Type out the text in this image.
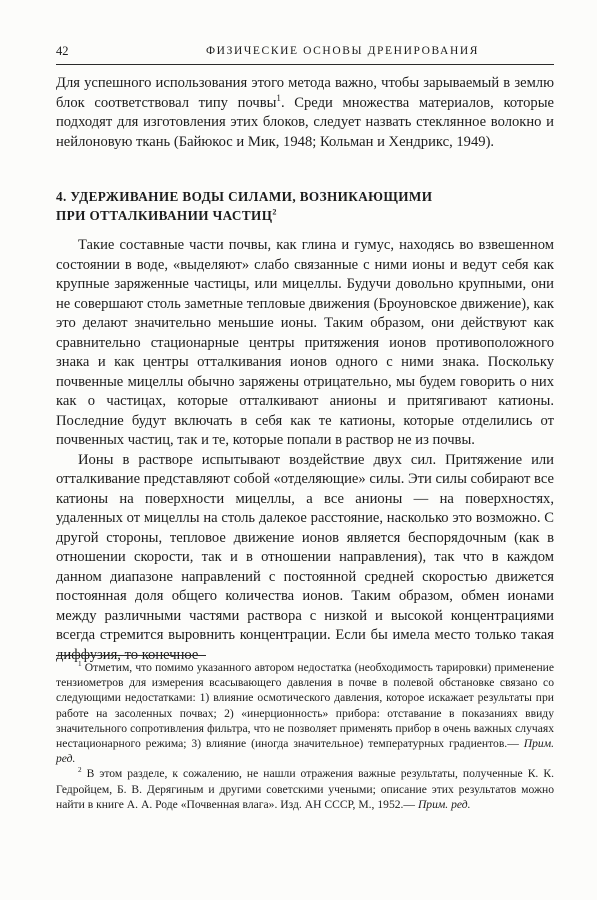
42	ФИЗИЧЕСКИЕ ОСНОВЫ ДРЕНИРОВАНИЯ

Для успешного использования этого метода важно, чтобы зарываемый в землю блок соответствовал типу почвы$^1$. Среди множества материалов, которые подходят для изготовления этих блоков, следует назвать стеклянное волокно и нейлоновую ткань (Байюкос и Мик, 1948; Кольман и Хендрикс, 1949).

4. УДЕРЖИВАНИЕ ВОДЫ СИЛАМИ, ВОЗНИКАЮЩИМИ
ПРИ ОТТАЛКИВАНИИ ЧАСТИЦ$^2$

Такие составные части почвы, как глина и гумус, находясь во взвешенном состоянии в воде, «выделяют» слабо связанные с ними ионы и ведут себя как крупные заряженные частицы, или мицеллы. Будучи довольно крупными, они не совершают столь заметные тепловые движения (Броуновское движение), как это делают значительно меньшие ионы. Таким образом, они действуют как сравнительно стационарные центры притяжения ионов противоположного знака и как центры отталкивания ионов одного с ними знака. Поскольку почвенные мицеллы обычно заряжены отрицательно, мы будем говорить о них как о частицах, которые отталкивают анионы и притягивают катионы. Последние будут включать в себя как те катионы, которые отделились от почвенных частиц, так и те, которые попали в раствор не из почвы.

Ионы в растворе испытывают воздействие двух сил. Притяжение или отталкивание представляют собой «отделяющие» силы. Эти силы собирают все катионы на поверхности мицеллы, а все анионы — на поверхностях, удаленных от мицеллы на столь далекое расстояние, насколько это возможно. С другой стороны, тепловое движение ионов является беспорядочным (как в отношении скорости, так и в отношении направления), так что в каждом данном диапазоне направлений с постоянной средней скоростью движется постоянная доля общего количества ионов. Таким образом, обмен ионами между различными частями раствора с низкой и высокой концентрациями всегда стремится выровнить концентрации. Если бы имела место только такая диффузия, то конечное

$^1$ Отметим, что помимо указанного автором недостатка (необходимость тарировки) применение тензиометров для измерения всасывающего давления в почве в полевой обстановке связано со следующими недостатками: 1) влияние осмотического давления, которое искажает результаты при работе на засоленных почвах; 2) «инерционность» прибора: отставание в показаниях ввиду значительного сопротивления фильтра, что не позволяет применять прибор в очень важных случаях нестационарного режима; 3) влияние (иногда значительное) температурных градиентов.— Прим. ред.

$^2$ В этом разделе, к сожалению, не нашли отражения важные результаты, полученные К. К. Гедройцем, Б. В. Дерягиным и другими советскими учеными; описание этих результатов можно найти в книге А. А. Роде «Почвенная влага». Изд. АН СССР, М., 1952.— Прим. ред.
